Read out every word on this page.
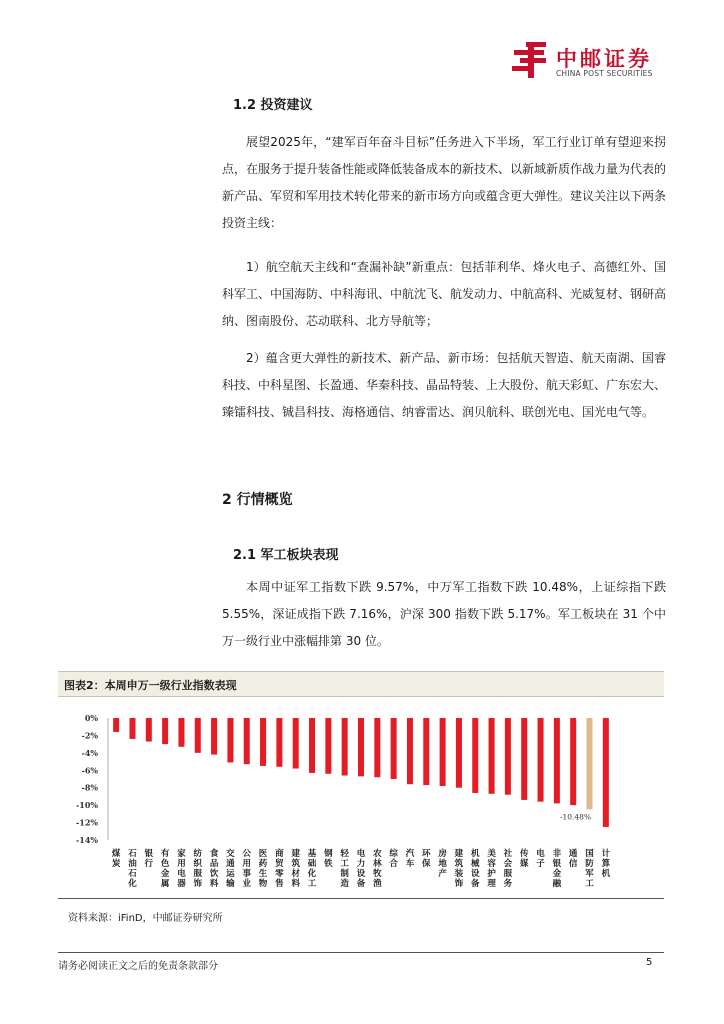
中邮证券
CHINA POST SECURITIES
1.2 投资建议

展望2025年，“建军百年奋斗目标”任务进入下半场，军工行业订单有望迎来拐点，在服务于提升装备性能或降低装备成本的新技术、以新域新质作战力量为代表的新产品、军贸和军用技术转化带来的新市场方向或蕴含更大弹性。建议关注以下两条投资主线：

1）航空航天主线和“查漏补缺”新重点：包括菲利华、烽火电子、高德红外、国科军工、中国海防、中科海讯、中航沈飞、航发动力、中航高科、光威复材、钢研高纳、图南股份、芯动联科、北方导航等；

2）蕴含更大弹性的新技术、新产品、新市场：包括航天智造、航天南湖、国睿科技、中科星图、长盈通、华秦科技、晶品特装、上大股份、航天彩虹、广东宏大、臻镭科技、铖昌科技、海格通信、纳睿雷达、润贝航科、联创光电、国光电气等。

2 行情概览
2.1 军工板块表现

本周中证军工指数下跌 9.57%，中万军工指数下跌 10.48%，上证综指下跌 5.55%，深证成指下跌 7.16%，沪深 300 指数下跌 5.17%。军工板块在 31 个中万一级行业中涨幅排第 30 位。

图表2：本周申万一级行业指数表现
0%
-2%
-4%
-6%
-8%
-10%
-12%
-14%
煤
炭
石
油
石
化
银
行
有
色
金
属
家
用
电
器
纺
织
服
饰
食
品
饮
料
交
通
运
输
公
用
事
业
医
药
生
物
商
贸
零
售
建
筑
材
料
基
础
化
工
钢
铁
轻
工
制
造
电
力
设
备
农
林
牧
渔
综
合
汽
车
环
保
房
地
产
建
筑
装
饰
机
械
设
备
美
容
护
理
社
会
服
务
传
媒
电
子
非
银
金
融
通
信
-10.48%
国
防
军
工
计
算
机
资料来源：iFinD，中邮证券研究所
请务必阅读正文之后的免责条款部分	5
